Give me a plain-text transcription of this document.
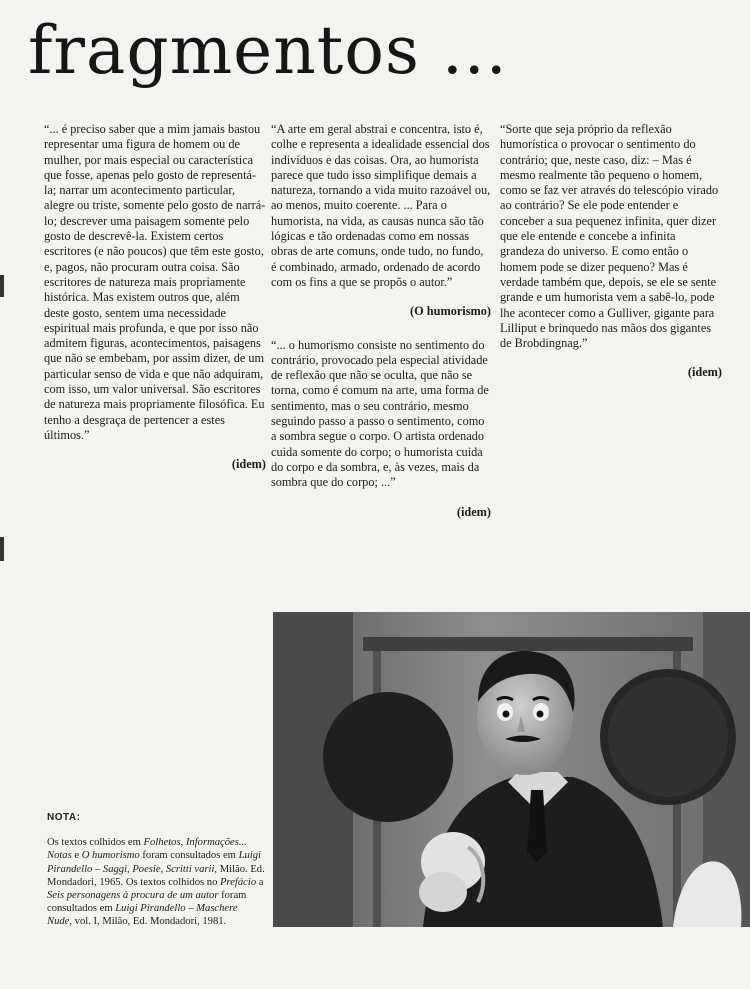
fragmentos ...

“... é preciso saber que a mim jamais bastou representar uma figura de homem ou de mulher, por mais especial ou característica que fosse, apenas pelo gosto de representá-la; narrar um acontecimento particular, alegre ou triste, somente pelo gosto de narrá-lo; descrever uma paisagem somente pelo gosto de descrevê-la. Existem certos escritores (e não poucos) que têm este gosto, e, pagos, não procuram outra coisa. São escritores de natureza mais propriamente histórica. Mas existem outros que, além deste gosto, sentem uma necessidade espiritual mais profunda, e que por isso não admitem figuras, acontecimentos, paisagens que não se embebam, por assim dizer, de um particular senso de vida e que não adquiram, com isso, um valor universal. São escritores de natureza mais propriamente filosófica. Eu tenho a desgraça de pertencer a estes últimos.”

(idem)

“A arte em geral abstrai e concentra, isto é, colhe e representa a idealidade essencial dos indivíduos e das coisas. Ora, ao humorista parece que tudo isso simplifique demais a natureza, tornando a vida muito razoável ou, ao menos, muito coerente. ... Para o humorista, na vida, as causas nunca são tão lógicas e tão ordenadas como em nossas obras de arte comuns, onde tudo, no fundo, é combinado, armado, ordenado de acordo com os fins a que se propõs o autor.”

(O humorismo)

“... o humorismo consiste no sentimento do contrário, provocado pela especial atividade de reflexão que não se oculta, que não se torna, como é comum na arte, uma forma de sentimento, mas o seu contrário, mesmo seguindo passo a passo o sentimento, como a sombra segue o corpo. O artista ordenado cuida somente do corpo; o humorista cuida do corpo e da sombra, e, às vezes, mais da sombra que do corpo; ...”

(idem)

“Sorte que seja próprio da reflexão humorística o provocar o sentimento do contrário; que, neste caso, diz: – Mas é mesmo realmente tão pequeno o homem, como se faz ver através do telescópio virado ao contrário? Se ele pode entender e conceber a sua pequenez infinita, quer dizer que ele entende e concebe a infinita grandeza do universo. E como então o homem pode se dizer pequeno? Mas é verdade também que, depois, se ele se sente grande e um humorista vem a sabê-lo, pode lhe acontecer como a Gulliver, gigante para Lilliput e brinquedo nas mãos dos gigantes de Brobdingnag.”

(idem)

NOTA:
Os textos colhidos em Folhetos, Informações... Notas e O humorismo foram consultados em Luigi Pirandello – Saggi, Poesie, Scritti varii, Milão. Ed. Mondadori, 1965. Os textos colhidos no Prefácio a Seis personagens à procura de um autor foram consultados em Luigi Pirandello – Maschere Nude, vol. I, Milão, Ed. Mondadori, 1981.
